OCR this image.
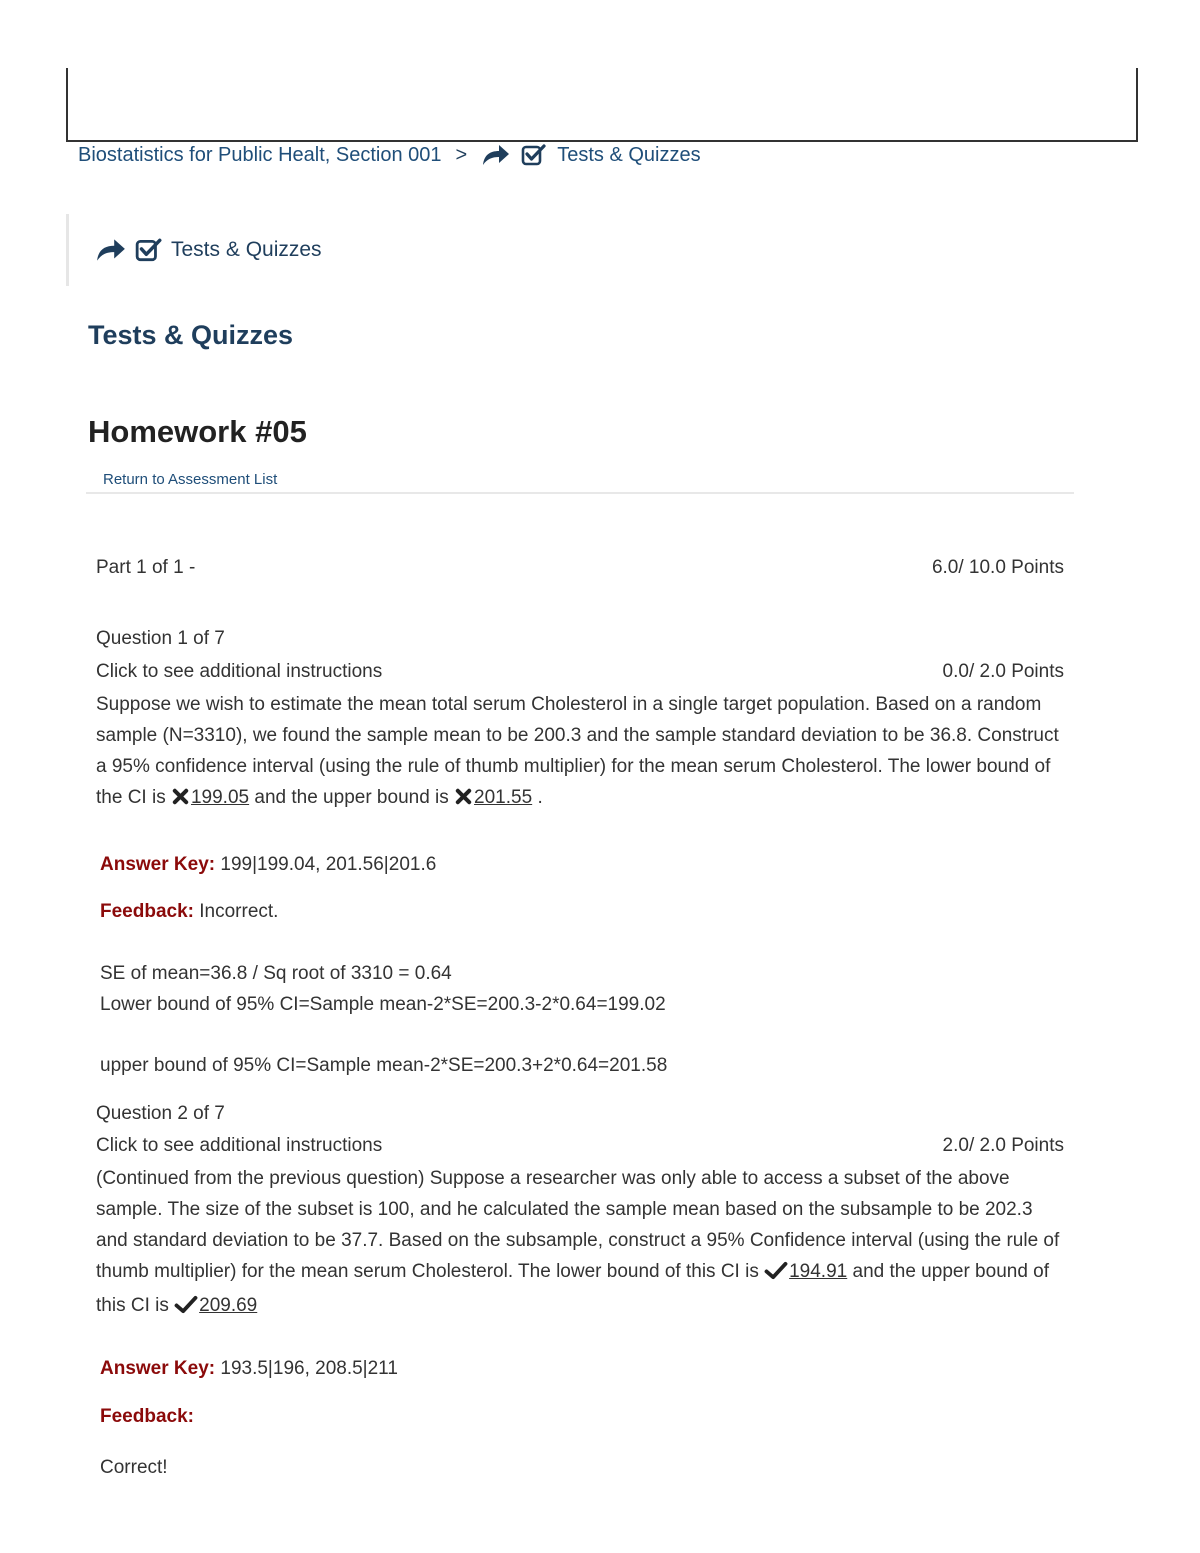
Biostatistics for Public Healt, Section 001 >	Tests & Quizzes
Tests & Quizzes
Tests & Quizzes
Homework #05
Return to Assessment List
Part 1 of 1 -	6.0/ 10.0 Points
Question 1 of 7
Click to see additional instructions	0.0/ 2.0 Points

Suppose we wish to estimate the mean total serum Cholesterol in a single target population. Based on a random sample (N=3310), we found the sample mean to be 200.3 and the sample standard deviation to be 36.8. Construct a 95% confidence interval (using the rule of thumb multiplier) for the mean serum Cholesterol. The lower bound of the CI is 199.05 and the upper bound is 201.55 .

Answer Key: 199|199.04, 201.56|201.6
Feedback: Incorrect.
SE of mean=36.8 / Sq root of 3310 = 0.64
Lower bound of 95% CI=Sample mean-2*SE=200.3-2*0.64=199.02
upper bound of 95% CI=Sample mean-2*SE=200.3+2*0.64=201.58
Question 2 of 7
Click to see additional instructions	2.0/ 2.0 Points

(Continued from the previous question) Suppose a researcher was only able to access a subset of the above sample. The size of the subset is 100, and he calculated the sample mean based on the subsample to be 202.3 and standard deviation to be 37.7. Based on the subsample, construct a 95% Confidence interval (using the rule of thumb multiplier) for the mean serum Cholesterol. The lower bound of this CI is 194.91 and the upper bound of this CI is 209.69

Answer Key: 193.5|196, 208.5|211
Feedback:
Correct!
